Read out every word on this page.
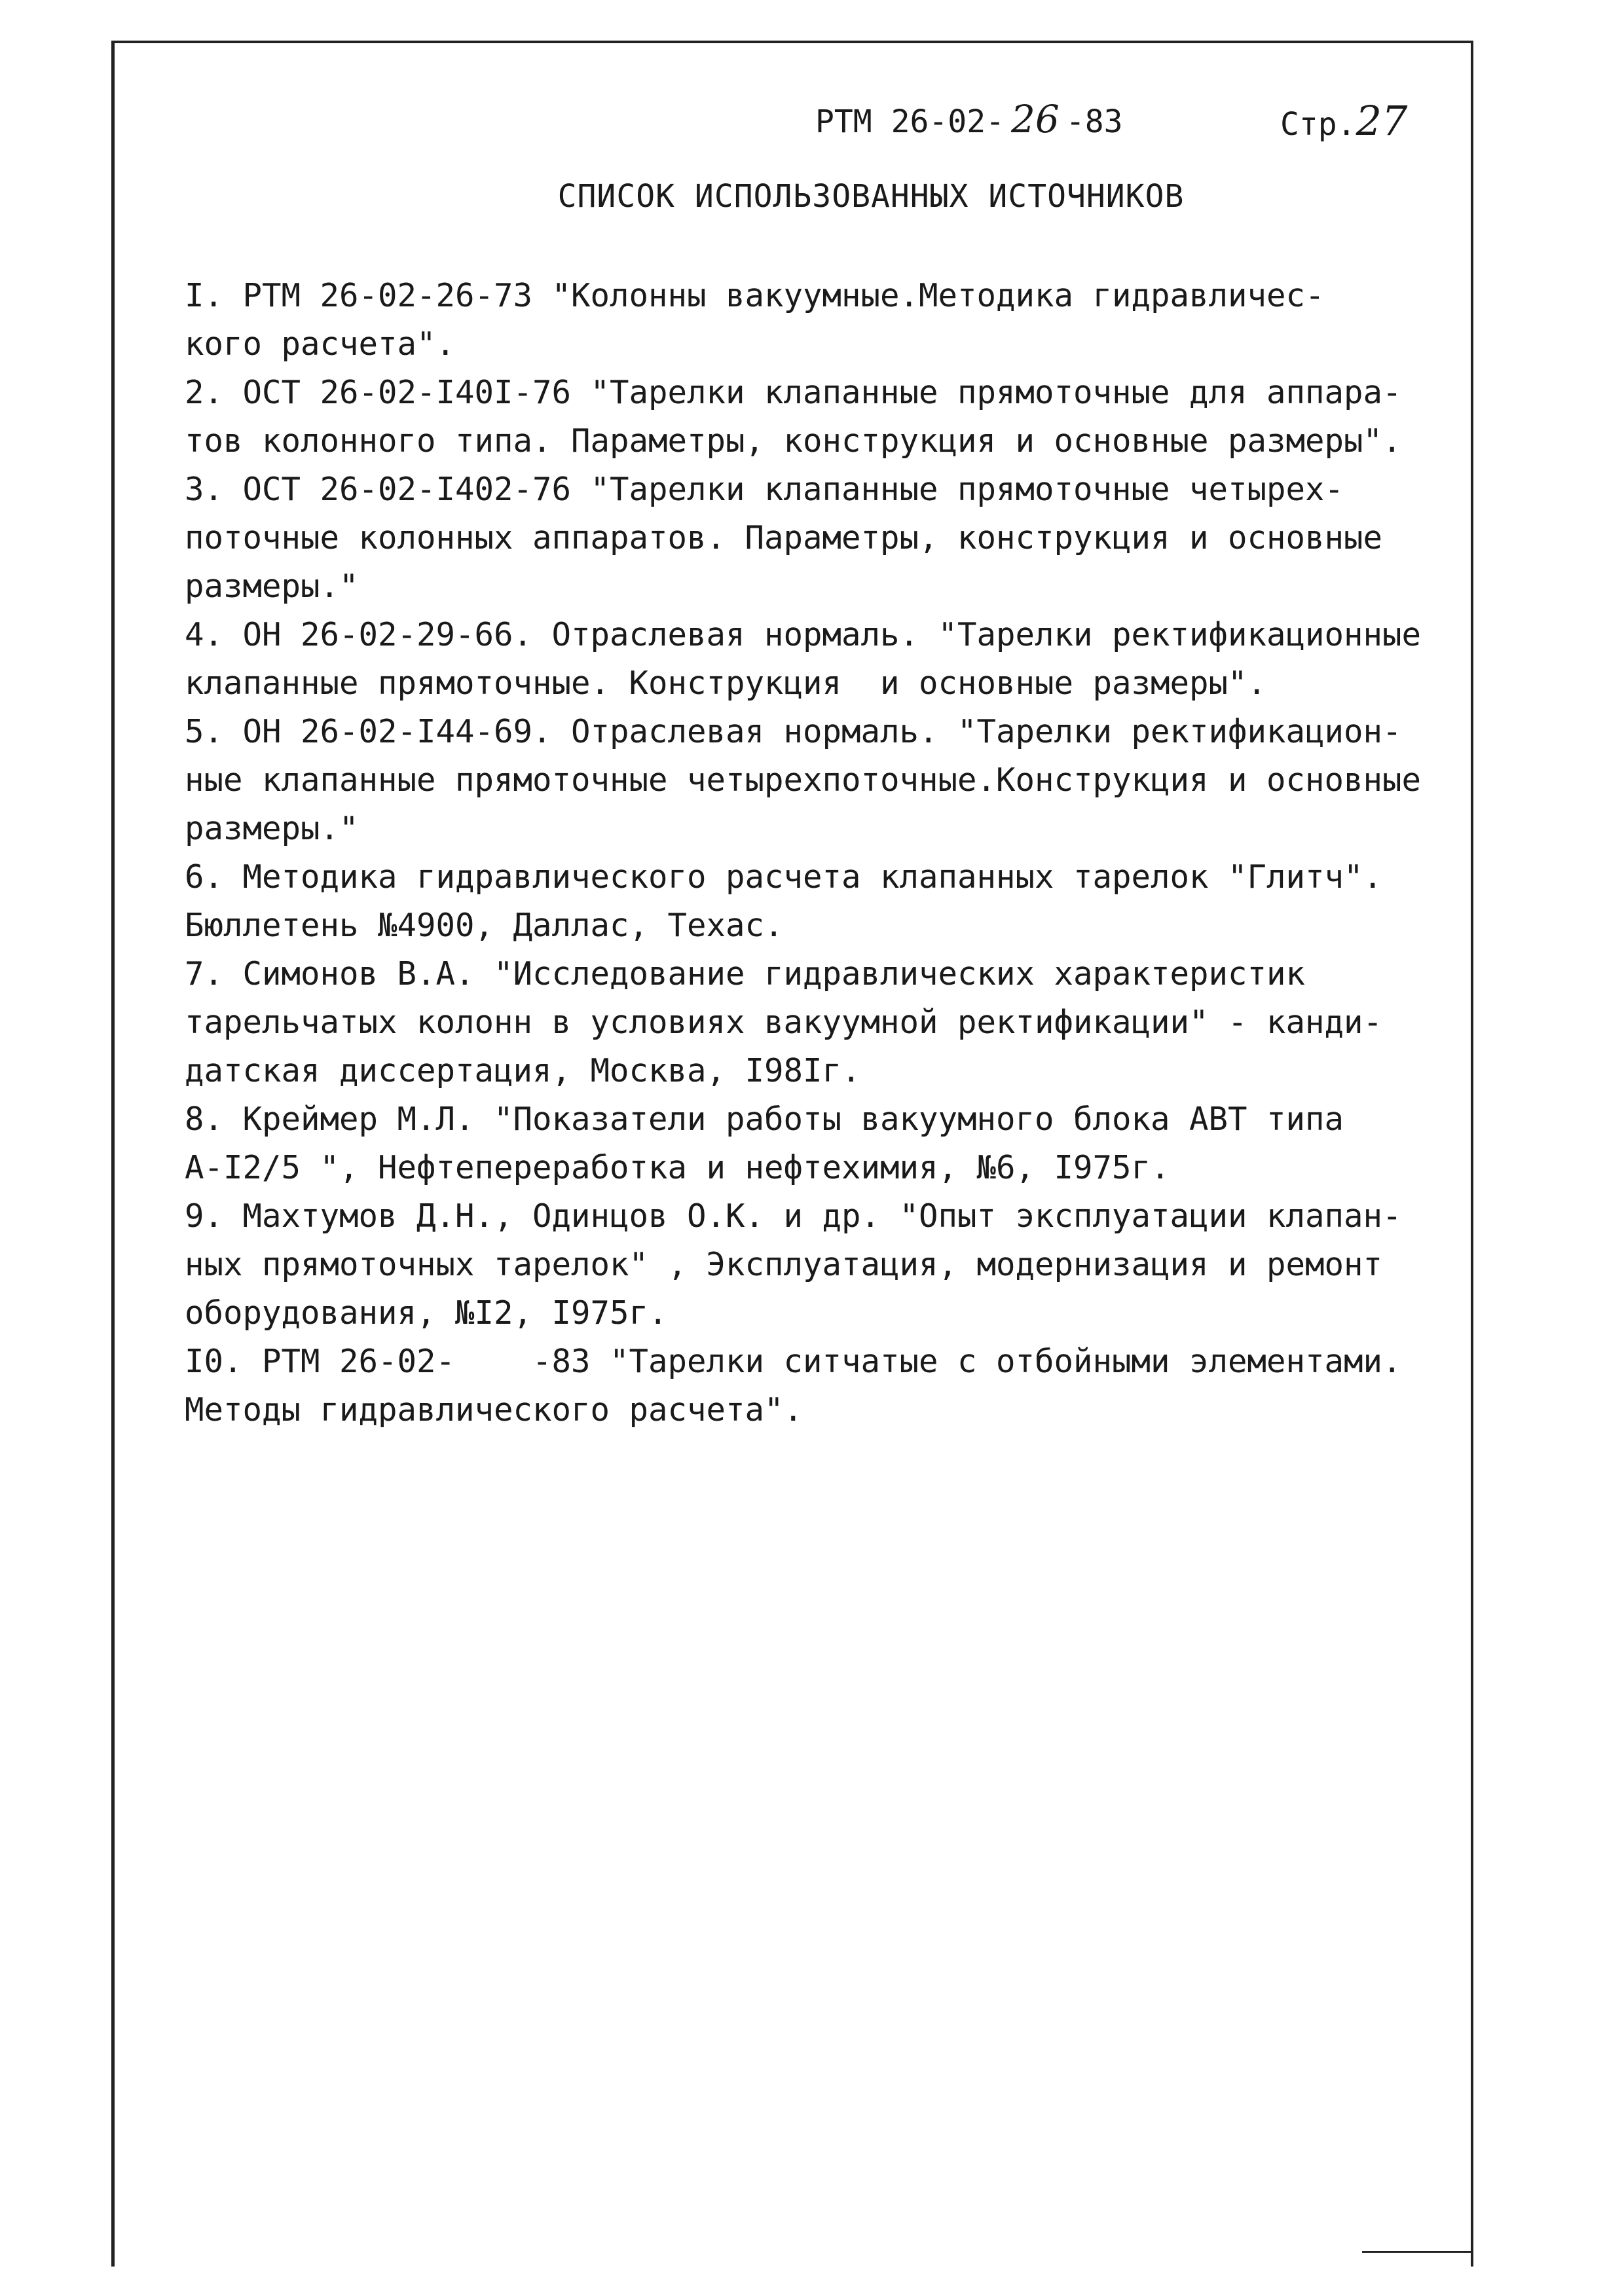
РТМ 26-02- 26 -83	Стр.27
СПИСОК ИСПОЛЬЗОВАННЫХ ИСТОЧНИКОВ
I. РТМ 26-02-26-73 "Колонны вакуумные.Методика гидравличес-
кого расчета".
2. ОСТ 26-02-I40I-76 "Тарелки клапанные прямоточные для аппара-
тов колонного типа. Параметры, конструкция и основные размеры".
3. ОСТ 26-02-I402-76 "Тарелки клапанные прямоточные четырех-
поточные колонных аппаратов. Параметры, конструкция и основные
размеры."
4. ОН 26-02-29-66. Отраслевая нормаль. "Тарелки ректификационные
клапанные прямоточные. Конструкция  и основные размеры".
5. ОН 26-02-I44-69. Отраслевая нормаль. "Тарелки ректификацион-
ные клапанные прямоточные четырехпоточные.Конструкция и основные
размеры."
6. Методика гидравлического расчета клапанных тарелок "Глитч".
Бюллетень №4900, Даллас, Техас.
7. Симонов В.А. "Исследование гидравлических характеристик
тарельчатых колонн в условиях вакуумной ректификации" - канди-
датская диссертация, Москва, I98Iг.
8. Креймер М.Л. "Показатели работы вакуумного блока АВТ типа
А-I2/5 ", Нефтепереработка и нефтехимия, №6, I975г.
9. Махтумов Д.Н., Одинцов О.К. и др. "Опыт эксплуатации клапан-
ных прямоточных тарелок" , Эксплуатация, модернизация и ремонт
оборудования, №I2, I975г.
I0. РТМ 26-02-    -83 "Тарелки ситчатые с отбойными элементами.
Методы гидравлического расчета".
